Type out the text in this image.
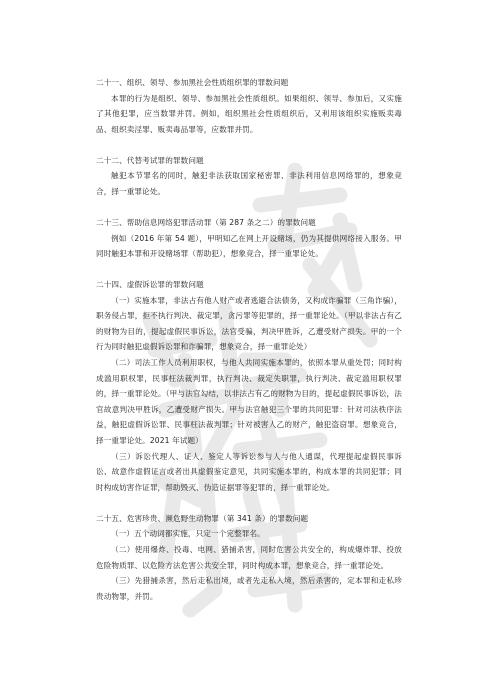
二十一、组织、领导、参加黑社会性质组织罪的罪数问题

本罪的行为是组织、领导、参加黑社会性质组织。如果组织、领导、参加后，又实施了其他犯罪，应当数罪并罚。例如，组织黑社会性质组织后，又利用该组织实施贩卖毒品、组织卖淫罪、贩卖毒品罪等，应数罪并罚。

二十二、代替考试罪的罪数问题

触犯本节罪名的同时，触犯非法获取国家秘密罪、非法利用信息网络罪的，想象竞合，择一重罪论处。

二十三、帮助信息网络犯罪活动罪（第 287 条之二）的罪数问题

例如（2016 年第 54 题），甲明知乙在网上开设赌场，仍为其提供网络接入服务。甲同时触犯本罪和开设赌场罪（帮助犯），想象竞合，择一重罪论处。

二十四、虚假诉讼罪的罪数问题

（一）实施本罪，非法占有他人财产或者逃避合法债务，又构成诈骗罪（三角诈骗），职务侵占罪，拒不执行判决、裁定罪，贪污罪等犯罪的，择一重罪论处。（甲以非法占有乙的财物为目的，提起虚假民事诉讼，法官受骗，判决甲胜诉，乙遭受财产损失。甲的一个行为同时触犯虚假诉讼罪和诈骗罪，想象竞合，择一重罪论处）

（二）司法工作人员利用职权，与他人共同实施本罪的，依照本罪从重处罚；同时构成滥用职权罪，民事枉法裁判罪，执行判决、裁定失职罪，执行判决、裁定滥用职权罪的，择一重罪论处。（甲与法官勾结，以非法占有乙的财物为目的，提起虚假民事诉讼，法官故意判决甲胜诉，乙遭受财产损失。甲与法官触犯三个罪的共同犯罪：针对司法秩序法益，触犯虚假诉讼罪、民事枉法裁判罪；针对被害人乙的财产，触犯盗窃罪。想象竞合，择一重罪论处。2021 年试题）

（三）诉讼代理人、证人、鉴定人等诉讼参与人与他人通谋，代理提起虚假民事诉讼、故意作虚假证言或者出具虚假鉴定意见，共同实施本罪的，构成本罪的共同犯罪；同时构成妨害作证罪，帮助毁灭、伪造证据罪等犯罪的，择一重罪论处。

二十五、危害珍贵、濒危野生动物罪（第 341 条）的罪数问题

（一）五个动词都实施，只定一个完整罪名。

（二）使用爆炸、投毒、电网、猎捕杀害，同时危害公共安全的，构成爆炸罪、投放危险物质罪、以危险方法危害公共安全罪，同时构成本罪，想象竞合，择一重罪论处。

（三）先猎捕杀害，然后走私出境，或者先走私入境，然后杀害的，定本罪和走私珍贵动物罪，并罚。
